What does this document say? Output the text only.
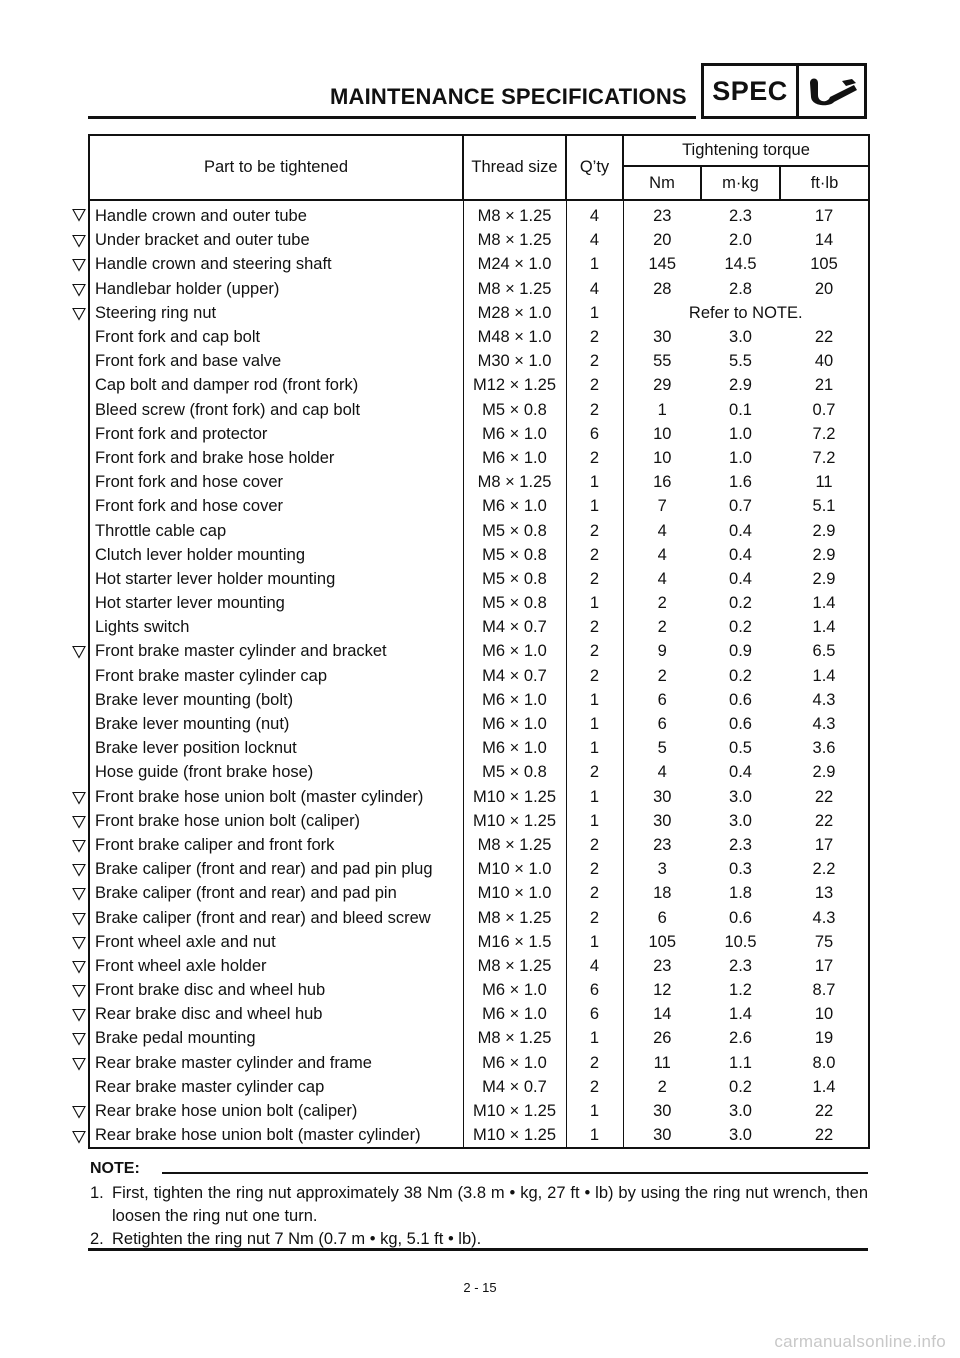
MAINTENANCE SPECIFICATIONS SPEC
Part to be tightened	Thread size	Q’ty	Tightening torque		
			Nm	m·kg	ft·lb
Handle crown and outer tube	M8 × 1.25	4	23	2.3	17
Under bracket and outer tube	M8 × 1.25	4	20	2.0	14
Handle crown and steering shaft	M24 × 1.0	1	145	14.5	105
Handlebar holder (upper)	M8 × 1.25	4	28	2.8	20
Steering ring nut	M28 × 1.0	1	Refer to NOTE.		
Front fork and cap bolt	M48 × 1.0	2	30	3.0	22
Front fork and base valve	M30 × 1.0	2	55	5.5	40
Cap bolt and damper rod (front fork)	M12 × 1.25	2	29	2.9	21
Bleed screw (front fork) and cap bolt	M5 × 0.8	2	1	0.1	0.7
Front fork and protector	M6 × 1.0	6	10	1.0	7.2
Front fork and brake hose holder	M6 × 1.0	2	10	1.0	7.2
Front fork and hose cover	M8 × 1.25	1	16	1.6	11
Front fork and hose cover	M6 × 1.0	1	7	0.7	5.1
Throttle cable cap	M5 × 0.8	2	4	0.4	2.9
Clutch lever holder mounting	M5 × 0.8	2	4	0.4	2.9
Hot starter lever holder mounting	M5 × 0.8	2	4	0.4	2.9
Hot starter lever mounting	M5 × 0.8	1	2	0.2	1.4
Lights switch	M4 × 0.7	2	2	0.2	1.4
Front brake master cylinder and bracket	M6 × 1.0	2	9	0.9	6.5
Front brake master cylinder cap	M4 × 0.7	2	2	0.2	1.4
Brake lever mounting (bolt)	M6 × 1.0	1	6	0.6	4.3
Brake lever mounting (nut)	M6 × 1.0	1	6	0.6	4.3
Brake lever position locknut	M6 × 1.0	1	5	0.5	3.6
Hose guide (front brake hose)	M5 × 0.8	2	4	0.4	2.9
Front brake hose union bolt (master cylinder)	M10 × 1.25	1	30	3.0	22
Front brake hose union bolt (caliper)	M10 × 1.25	1	30	3.0	22
Front brake caliper and front fork	M8 × 1.25	2	23	2.3	17
Brake caliper (front and rear) and pad pin plug	M10 × 1.0	2	3	0.3	2.2
Brake caliper (front and rear) and pad pin	M10 × 1.0	2	18	1.8	13
Brake caliper (front and rear) and bleed screw	M8 × 1.25	2	6	0.6	4.3
Front wheel axle and nut	M16 × 1.5	1	105	10.5	75
Front wheel axle holder	M8 × 1.25	4	23	2.3	17
Front brake disc and wheel hub	M6 × 1.0	6	12	1.2	8.7
Rear brake disc and wheel hub	M6 × 1.0	6	14	1.4	10
Brake pedal mounting	M8 × 1.25	1	26	2.6	19
Rear brake master cylinder and frame	M6 × 1.0	2	11	1.1	8.0
Rear brake master cylinder cap	M4 × 0.7	2	2	0.2	1.4
Rear brake hose union bolt (caliper)	M10 × 1.25	1	30	3.0	22
Rear brake hose union bolt (master cylinder)	M10 × 1.25	1	30	3.0	22
NOTE:
1. First, tighten the ring nut approximately 38 Nm (3.8 m • kg, 27 ft • lb) by using the ring nut wrench, then loosen the ring nut one turn.
2. Retighten the ring nut 7 Nm (0.7 m • kg, 5.1 ft • lb).
2 - 15
carmanualsonline.info
